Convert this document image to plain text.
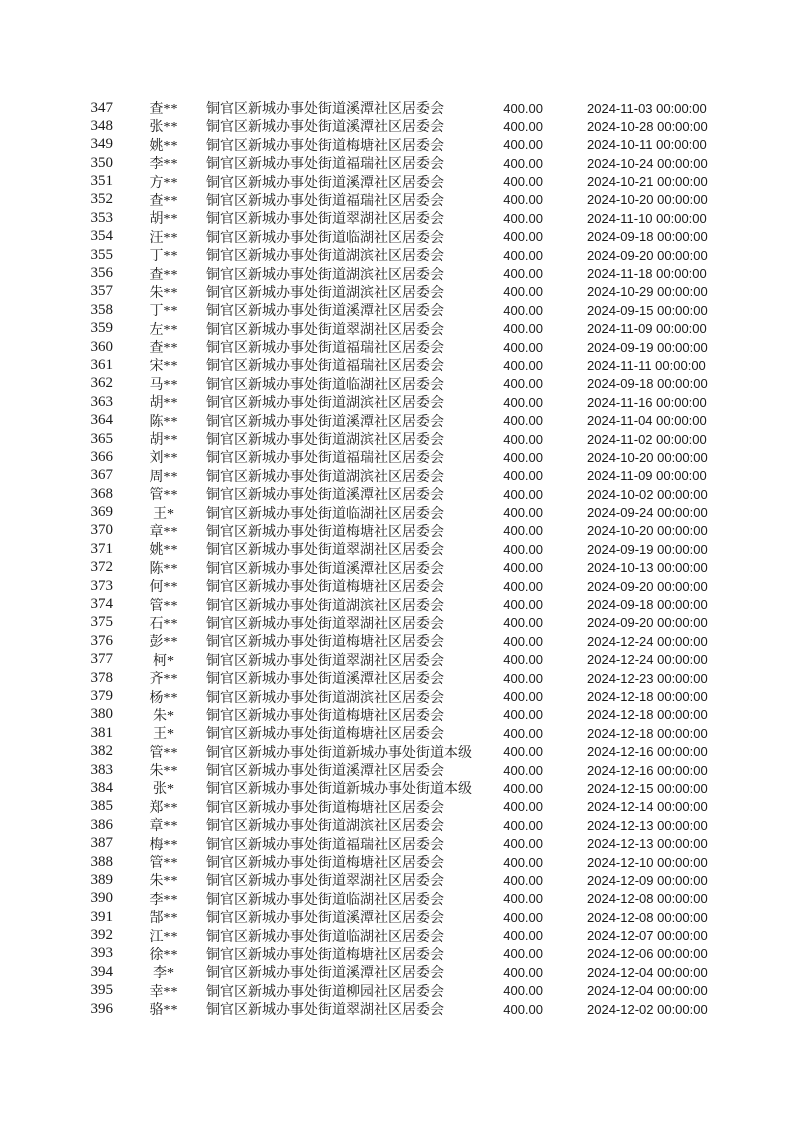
347	查**	铜官区新城办事处街道溪潭社区居委会	400.00	2024-11-03 00:00:00
348	张**	铜官区新城办事处街道溪潭社区居委会	400.00	2024-10-28 00:00:00
349	姚**	铜官区新城办事处街道梅塘社区居委会	400.00	2024-10-11 00:00:00
350	李**	铜官区新城办事处街道福瑞社区居委会	400.00	2024-10-24 00:00:00
351	方**	铜官区新城办事处街道溪潭社区居委会	400.00	2024-10-21 00:00:00
352	查**	铜官区新城办事处街道福瑞社区居委会	400.00	2024-10-20 00:00:00
353	胡**	铜官区新城办事处街道翠湖社区居委会	400.00	2024-11-10 00:00:00
354	汪**	铜官区新城办事处街道临湖社区居委会	400.00	2024-09-18 00:00:00
355	丁**	铜官区新城办事处街道湖滨社区居委会	400.00	2024-09-20 00:00:00
356	查**	铜官区新城办事处街道湖滨社区居委会	400.00	2024-11-18 00:00:00
357	朱**	铜官区新城办事处街道湖滨社区居委会	400.00	2024-10-29 00:00:00
358	丁**	铜官区新城办事处街道溪潭社区居委会	400.00	2024-09-15 00:00:00
359	左**	铜官区新城办事处街道翠湖社区居委会	400.00	2024-11-09 00:00:00
360	查**	铜官区新城办事处街道福瑞社区居委会	400.00	2024-09-19 00:00:00
361	宋**	铜官区新城办事处街道福瑞社区居委会	400.00	2024-11-11 00:00:00
362	马**	铜官区新城办事处街道临湖社区居委会	400.00	2024-09-18 00:00:00
363	胡**	铜官区新城办事处街道湖滨社区居委会	400.00	2024-11-16 00:00:00
364	陈**	铜官区新城办事处街道溪潭社区居委会	400.00	2024-11-04 00:00:00
365	胡**	铜官区新城办事处街道湖滨社区居委会	400.00	2024-11-02 00:00:00
366	刘**	铜官区新城办事处街道福瑞社区居委会	400.00	2024-10-20 00:00:00
367	周**	铜官区新城办事处街道湖滨社区居委会	400.00	2024-11-09 00:00:00
368	管**	铜官区新城办事处街道溪潭社区居委会	400.00	2024-10-02 00:00:00
369	王*	铜官区新城办事处街道临湖社区居委会	400.00	2024-09-24 00:00:00
370	章**	铜官区新城办事处街道梅塘社区居委会	400.00	2024-10-20 00:00:00
371	姚**	铜官区新城办事处街道翠湖社区居委会	400.00	2024-09-19 00:00:00
372	陈**	铜官区新城办事处街道溪潭社区居委会	400.00	2024-10-13 00:00:00
373	何**	铜官区新城办事处街道梅塘社区居委会	400.00	2024-09-20 00:00:00
374	管**	铜官区新城办事处街道湖滨社区居委会	400.00	2024-09-18 00:00:00
375	石**	铜官区新城办事处街道翠湖社区居委会	400.00	2024-09-20 00:00:00
376	彭**	铜官区新城办事处街道梅塘社区居委会	400.00	2024-12-24 00:00:00
377	柯*	铜官区新城办事处街道翠湖社区居委会	400.00	2024-12-24 00:00:00
378	齐**	铜官区新城办事处街道溪潭社区居委会	400.00	2024-12-23 00:00:00
379	杨**	铜官区新城办事处街道湖滨社区居委会	400.00	2024-12-18 00:00:00
380	朱*	铜官区新城办事处街道梅塘社区居委会	400.00	2024-12-18 00:00:00
381	王*	铜官区新城办事处街道梅塘社区居委会	400.00	2024-12-18 00:00:00
382	管**	铜官区新城办事处街道新城办事处街道本级	400.00	2024-12-16 00:00:00
383	朱**	铜官区新城办事处街道溪潭社区居委会	400.00	2024-12-16 00:00:00
384	张*	铜官区新城办事处街道新城办事处街道本级	400.00	2024-12-15 00:00:00
385	郑**	铜官区新城办事处街道梅塘社区居委会	400.00	2024-12-14 00:00:00
386	章**	铜官区新城办事处街道湖滨社区居委会	400.00	2024-12-13 00:00:00
387	梅**	铜官区新城办事处街道福瑞社区居委会	400.00	2024-12-13 00:00:00
388	管**	铜官区新城办事处街道梅塘社区居委会	400.00	2024-12-10 00:00:00
389	朱**	铜官区新城办事处街道翠湖社区居委会	400.00	2024-12-09 00:00:00
390	李**	铜官区新城办事处街道临湖社区居委会	400.00	2024-12-08 00:00:00
391	郜**	铜官区新城办事处街道溪潭社区居委会	400.00	2024-12-08 00:00:00
392	江**	铜官区新城办事处街道临湖社区居委会	400.00	2024-12-07 00:00:00
393	徐**	铜官区新城办事处街道梅塘社区居委会	400.00	2024-12-06 00:00:00
394	李*	铜官区新城办事处街道溪潭社区居委会	400.00	2024-12-04 00:00:00
395	幸**	铜官区新城办事处街道柳园社区居委会	400.00	2024-12-04 00:00:00
396	骆**	铜官区新城办事处街道翠湖社区居委会	400.00	2024-12-02 00:00:00
